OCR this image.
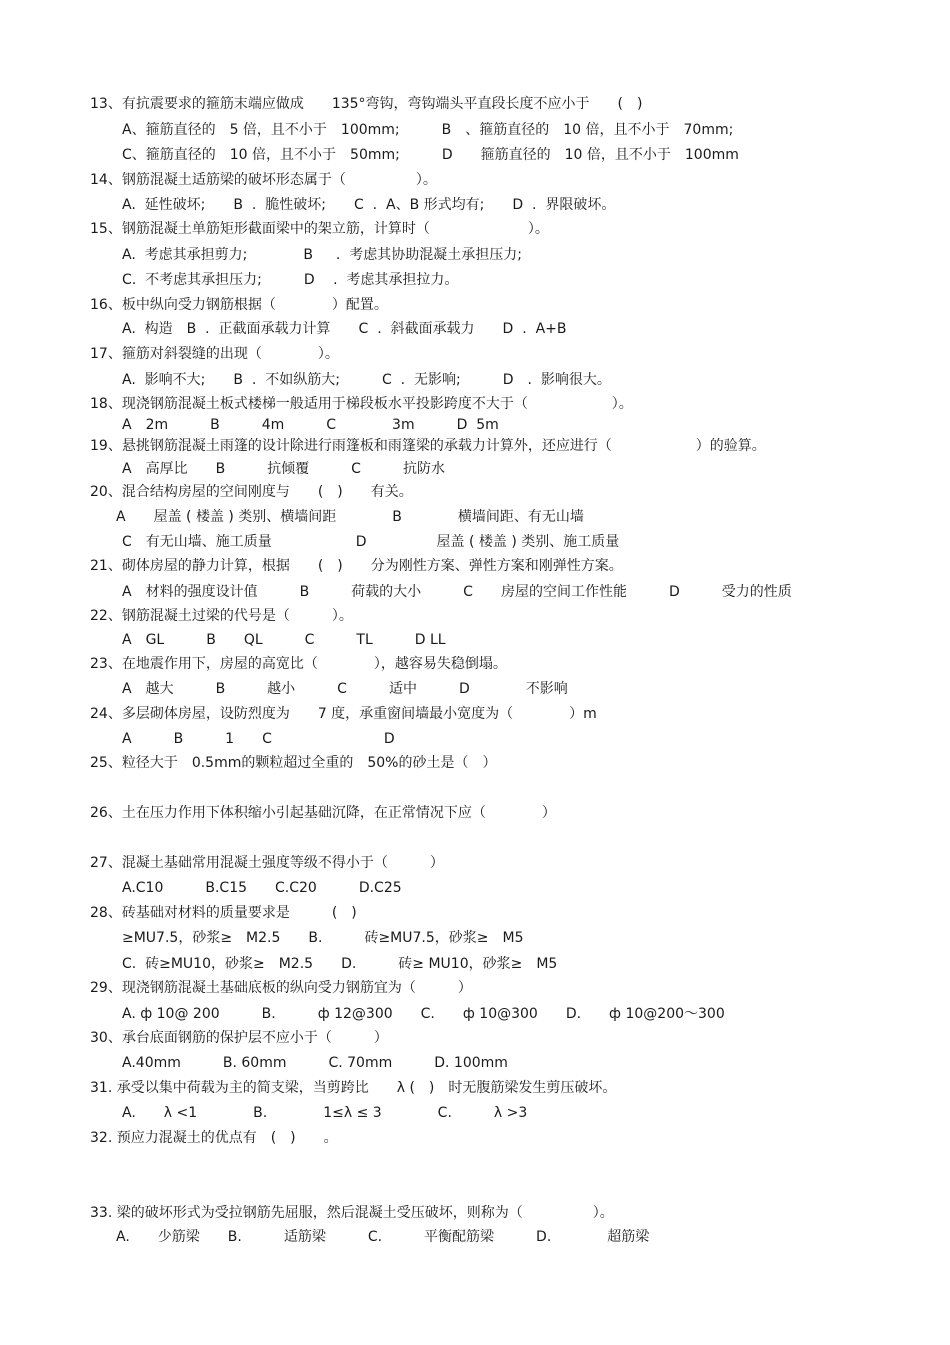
13、有抗震要求的箍筋末端应做成　　135°弯钩，弯钩端头平直段长度不应小于　　(　)
A、箍筋直径的　5 倍，且不小于　100mm;　　　B　、箍筋直径的　10 倍，且不小于　70mm;
C、箍筋直径的　10 倍，且不小于　50mm;　　　D　　箍筋直径的　10 倍，且不小于　100mm
14、钢筋混凝土适筋梁的破坏形态属于（　　　　　）。
A.  延性破坏;　　B  .  脆性破坏;　　C  .  A、B 形式均有;　　D  .  界限破坏。
15、钢筋混凝土单筋矩形截面梁中的架立筋，计算时（　　　　　　　）。
A.  考虑其承担剪力;　　　　B　  .  考虑其协助混凝土承担压力;
C.  不考虑其承担压力;　　　D　 .  考虑其承担拉力。
16、板中纵向受力钢筋根据（　　　　）配置。
A.  构造　B  .  正截面承载力计算　　C  .  斜截面承载力　　D  .  A+B
17、箍筋对斜裂缝的出现（　　　　）。
A.  影响不大;　　B  .  不如纵筋大;　　　C  .  无影响;　　　D　.  影响很大。
18、现浇钢筋混凝土板式楼梯一般适用于梯段板水平投影跨度不大于（　　　　　　）。
A　2m　　　B　　　4m　　　C　　　　3m　　　D  5m
19、悬挑钢筋混凝土雨篷的设计除进行雨篷板和雨篷梁的承载力计算外，还应进行（　　　　　　）的验算。
A　高厚比　　B　　　抗倾覆　　　C　　　抗防水
20、混合结构房屋的空间刚度与　　(　)　　有关。
A　　屋盖 ( 楼盖 ) 类别、横墙间距　　　　B　　　　横墙间距、有无山墙
C　有无山墙、施工质量　　　　　　D　　　　　屋盖 ( 楼盖 ) 类别、施工质量
21、砌体房屋的静力计算，根据　　(　)　　分为刚性方案、弹性方案和刚弹性方案。
A　材料的强度设计值　　　B　　　荷载的大小　　　C　　房屋的空间工作性能　　　D　　　受力的性质
22、钢筋混凝土过梁的代号是（　　　）。
A　GL　　　B　　QL　　　C　　　TL　　　D LL
23、在地震作用下，房屋的高宽比（　　　　），越容易失稳倒塌。
A　越大　　　B　　　越小　　　C　　　适中　　　D　　　　不影响
24、多层砌体房屋，设防烈度为　　7 度，承重窗间墙最小宽度为（　　　　）m
A　　　B　　　1　　C　　　　　　　　D
25、粒径大于　0.5mm的颗粒超过全重的　50%的砂土是（　）
26、土在压力作用下体积缩小引起基础沉降，在正常情况下应（　　　　）
27、混凝土基础常用混凝土强度等级不得小于（　　　）
A.C10　　　B.C15　　C.C20　　　D.C25
28、砖基础对材料的质量要求是　　　(　)
≥MU7.5，砂浆≥　M2.5　　B.　　　砖≥MU7.5，砂浆≥　M5
C.  砖≥MU10，砂浆≥　M2.5　　D.　　　砖≥ MU10，砂浆≥　M5
29、现浇钢筋混凝土基础底板的纵向受力钢筋宜为（　　　）
A. ф 10@ 200　　　B.　　　ф 12@300　　C.　　ф 10@300　　D.　　ф 10@200～300
30、承台底面钢筋的保护层不应小于（　　　）
A.40mm　　　B. 60mm　　　C. 70mm　　　D. 100mm
31. 承受以集中荷载为主的简支梁，当剪跨比　　λ (　)　时无腹筋梁发生剪压破坏。
A.　　λ <1　　　　B.　　　　1≤λ ≤ 3　　　　C.　　　λ >3
32. 预应力混凝土的优点有　(　)　　。
33. 梁的破坏形式为受拉钢筋先屈服，然后混凝土受压破坏，则称为（　　　　　）。
A.　　少筋梁　　B.　　　适筋梁　　　C.　　　平衡配筋梁　　　D.　　　　超筋梁
